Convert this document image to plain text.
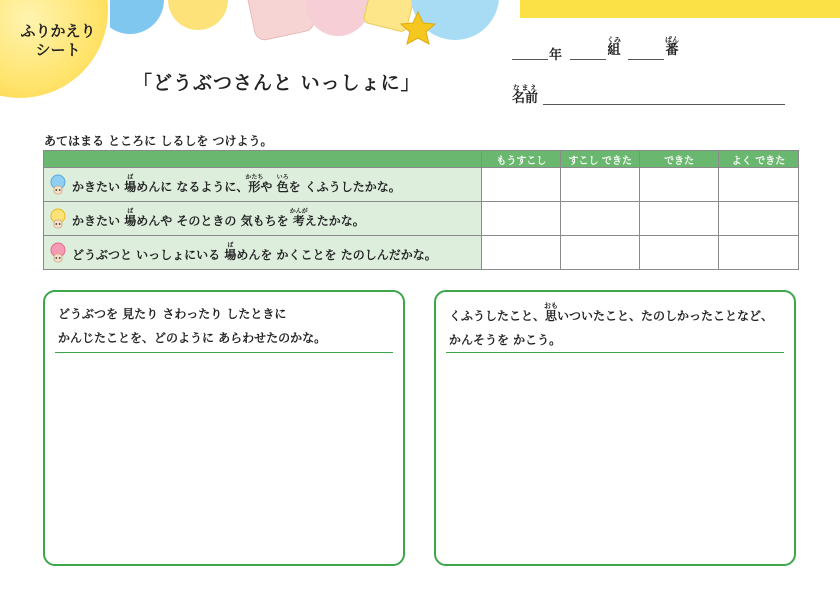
ふりかえり
シート
「どうぶつさんと いっしょに」
年	組くみ
番ばん
名前なまえ
あてはまる ところに しるしを つけよう。
	もうすこし	すこし できた	できた	よく できた

かきたい 場ばめんに なるように、形かたちや 色いろを くふうしたかな。				

かきたい 場ばめんや そのときの 気もちを 考かんがえたかな。				

どうぶつと いっしょにいる 場ばめんを かくことを たのしんだかな。				

どうぶつを 見たり さわったり したときに
かんじたことを、どのように あらわせたのかな。
くふうしたこと、思おもいついたこと、たのしかったことなど、
かんそうを かこう。
